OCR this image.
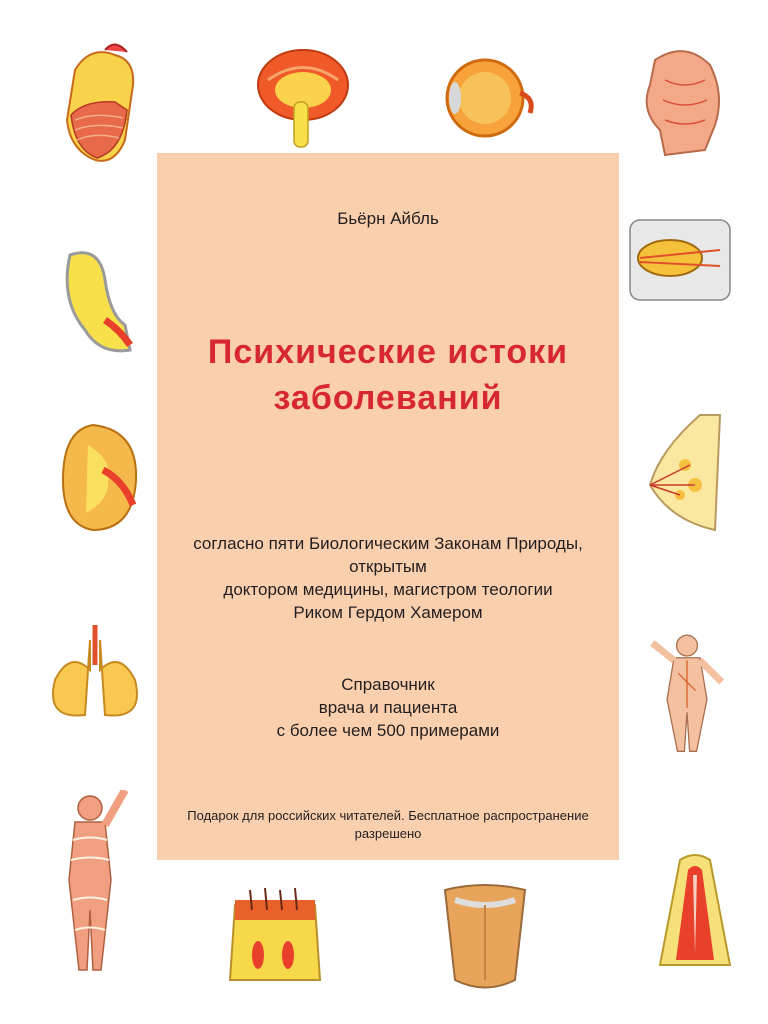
Бьёрн Айбль
Психические истоки
заболеваний
согласно пяти Биологическим Законам Природы,
открытым
доктором медицины, магистром теологии
Риком Гердом Хамером
Справочник
врача и пациента
с более чем 500 примерами
Подарок для российских читателей. Бесплатное распространение
разрешено
